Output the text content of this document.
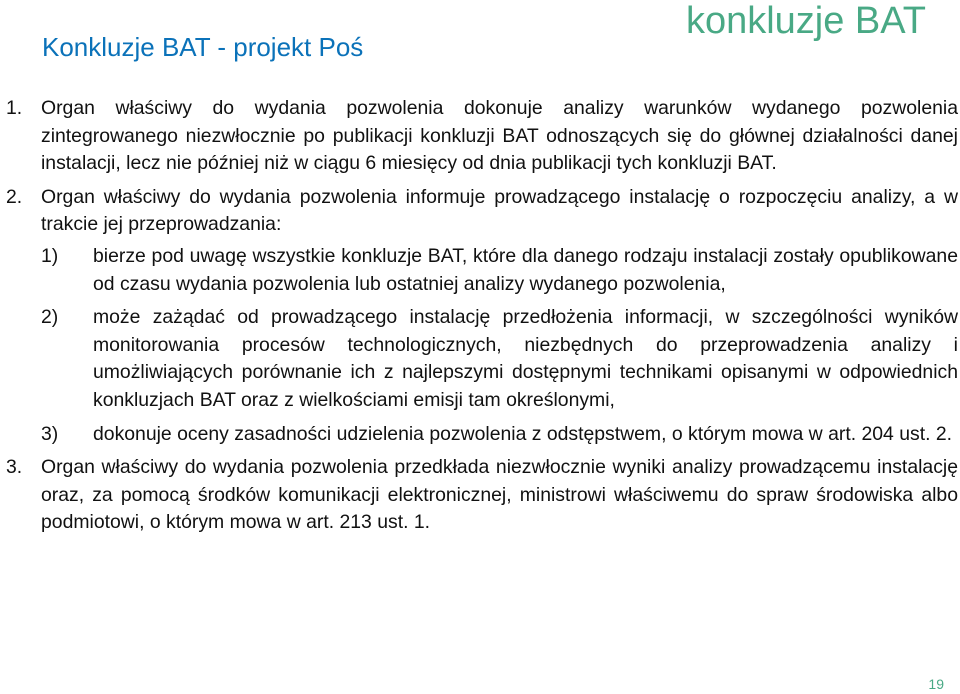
Konkluzje BAT - projekt Poś
konkluzje BAT
1. Organ właściwy do wydania pozwolenia dokonuje analizy warunków wydanego pozwolenia zintegrowanego niezwłocznie po publikacji konkluzji BAT odnoszących się do głównej działalności danej instalacji, lecz nie później niż w ciągu 6 miesięcy od dnia publikacji tych konkluzji BAT.
2. Organ właściwy do wydania pozwolenia informuje prowadzącego instalację o rozpoczęciu analizy, a w trakcie jej przeprowadzania:
1) bierze pod uwagę wszystkie konkluzje BAT, które dla danego rodzaju instalacji zostały opublikowane od czasu wydania pozwolenia lub ostatniej analizy wydanego pozwolenia,
2) może zażądać od prowadzącego instalację przedłożenia informacji, w szczególności wyników monitorowania procesów technologicznych, niezbędnych do przeprowadzenia analizy i umożliwiających porównanie ich z najlepszymi dostępnymi technikami opisanymi w odpowiednich konkluzjach BAT oraz z wielkościami emisji tam określonymi,
3) dokonuje oceny zasadności udzielenia pozwolenia z odstępstwem, o którym mowa w art. 204 ust. 2.
3. Organ właściwy do wydania pozwolenia przedkłada niezwłocznie wyniki analizy prowadzącemu instalację oraz, za pomocą środków komunikacji elektronicznej, ministrowi właściwemu do spraw środowiska albo podmiotowi, o którym mowa w art. 213 ust. 1.
19
